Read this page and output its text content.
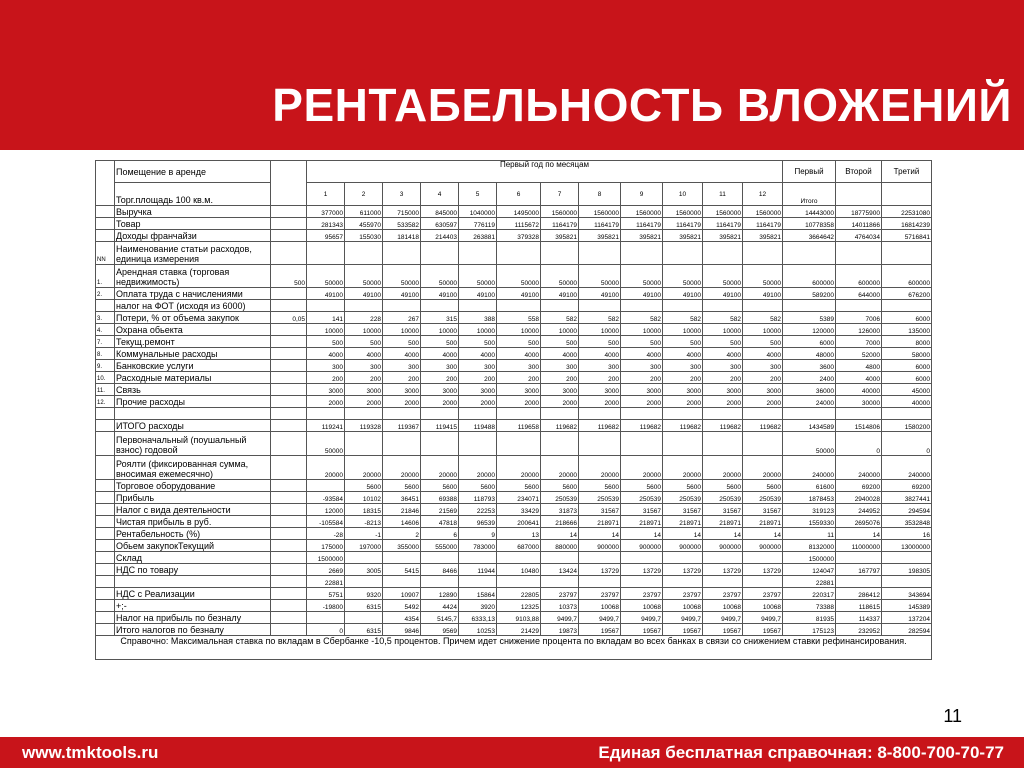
РЕНТАБЕЛЬНОСТЬ ВЛОЖЕНИЙ
	Помещение в аренде		Первый год по месяцам												Первый	Второй	Третий
	Торг.площадь 100 кв.м.		1	2	3	4	5	6	7	8	9	10	11	12	Итого		
	Выручка		377000	611000	715000	845000	1040000	1495000	1560000	1560000	1560000	1560000	1560000	1560000	14443000	18775900	22531080
	Товар		281343	455970	533582	630597	776119	1115672	1164179	1164179	1164179	1164179	1164179	1164179	10778358	14011866	16814239
	Доходы франчайзи		95657	155030	181418	214403	263881	379328	395821	395821	395821	395821	395821	395821	3664642	4764034	5716841
NN	Наименование статьи расходов, единица измерения																
1.	Арендная ставка (торговая недвижимость)	500	50000	50000	50000	50000	50000	50000	50000	50000	50000	50000	50000	50000	600000	600000	600000
2.	Оплата труда с начислениями		49100	49100	49100	49100	49100	49100	49100	49100	49100	49100	49100	49100	589200	644000	676200
	налог на ФОТ (исходя из 6000)																
3.	Потери, % от объема закупок	0,05	141	228	267	315	388	558	582	582	582	582	582	582	5389	7006	6000
4.	Охрана обьекта		10000	10000	10000	10000	10000	10000	10000	10000	10000	10000	10000	10000	120000	126000	135000
7.	Текущ.ремонт		500	500	500	500	500	500	500	500	500	500	500	500	6000	7000	8000
8.	Коммунальные расходы		4000	4000	4000	4000	4000	4000	4000	4000	4000	4000	4000	4000	48000	52000	58000
9.	Банковские услуги		300	300	300	300	300	300	300	300	300	300	300	300	3600	4800	6000
10.	Расходные материалы		200	200	200	200	200	200	200	200	200	200	200	200	2400	4000	6000
11.	Связь		3000	3000	3000	3000	3000	3000	3000	3000	3000	3000	3000	3000	36000	40000	45000
12.	Прочие расходы		2000	2000	2000	2000	2000	2000	2000	2000	2000	2000	2000	2000	24000	30000	40000

	ИТОГО расходы		119241	119328	119367	119415	119488	119658	119682	119682	119682	119682	119682	119682	1434589	1514806	1580200
	Первоначальный (поушальный взнос) годовой		50000												50000	0	0
	Роялти (фиксированная сумма, вносимая ежемесячно)		20000	20000	20000	20000	20000	20000	20000	20000	20000	20000	20000	20000	240000	240000	240000
	Торговое оборудование			5600	5600	5600	5600	5600	5600	5600	5600	5600	5600	5600	61600	69200	69200
	Прибыль		-93584	10102	36451	69388	118793	234071	250539	250539	250539	250539	250539	250539	1878453	2940028	3827441
	Налог с вида деятельности		12000	18315	21846	21569	22253	33429	31873	31567	31567	31567	31567	31567	319123	244952	294594
	Чистая прибыль в руб.		-105584	-8213	14606	47818	96539	200641	218666	218971	218971	218971	218971	218971	1559330	2695076	3532848
	Рентабельность (%)		-28	-1	2	6	9	13	14	14	14	14	14	14	11	14	16
	Обьем закупокТекущий		175000	197000	355000	555000	783000	687000	880000	900000	900000	900000	900000	900000	8132000	11000000	13000000
	Склад		1500000												1500000		
	НДС по товару		2669	3005	5415	8466	11944	10480	13424	13729	13729	13729	13729	13729	124047	167797	198305
			22881												22881		
	НДС с Реализации		5751	9320	10907	12890	15864	22805	23797	23797	23797	23797	23797	23797	220317	286412	343694
	+;-		-19800	6315	5492	4424	3920	12325	10373	10068	10068	10068	10068	10068	73388	118615	145389
	Налог на прибыль по безналу				4354	5145,7	6333,13	9103,88	9499,7	9499,7	9499,7	9499,7	9499,7	9499,7	81935	114337	137204
	Итого налогов по безналу		0	6315	9846	9569	10253	21429	19873	19567	19567	19567	19567	19567	175123	232952	282594
Справочно: Максимальная ставка по вкладам в Сбербанке -10,5 процентов. Причем идет снижение процента по вкладам во всех банках в связи со снижением ставки рефинансирования.																	
11
www.tmktools.ru	Единая бесплатная справочная: 8-800-700-70-77
